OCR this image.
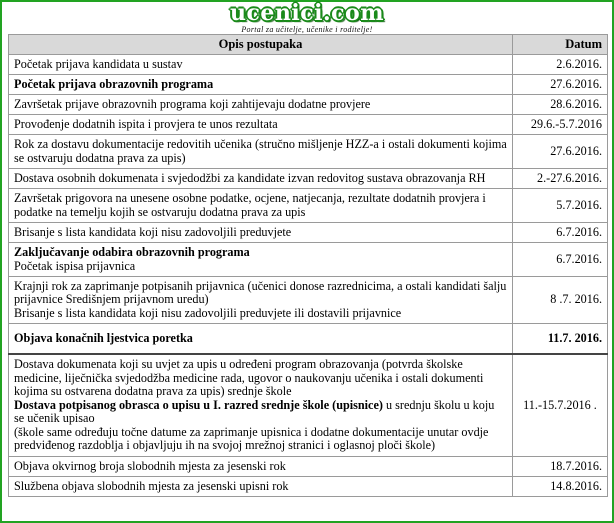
ucenici.com
Portal za učitelje, učenike i roditelje!
Opis postupaka	Datum

Početak prijava kandidata u sustav	2.6.2016.

Početak prijava obrazovnih programa	27.6.2016.

Završetak prijave obrazovnih programa koji zahtijevaju dodatne provjere	28.6.2016.

Provođenje dodatnih ispita i provjera te unos rezultata	29.6.-5.7.2016

Rok za dostavu dokumentacije redovitih učenika (stručno mišljenje HZZ-a i ostali dokumenti kojima se ostvaruju dodatna prava za upis)	27.6.2016.

Dostava osobnih dokumenata i svjedodžbi za kandidate izvan redovitog sustava obrazovanja RH	2.-27.6.2016.

Završetak prigovora na unesene osobne podatke, ocjene, natjecanja, rezultate dodatnih provjera i podatke na temelju kojih se ostvaruju dodatna prava za upis	5.7.2016.

Brisanje s lista kandidata koji nisu zadovoljili preduvjete	6.7.2016.

Zaključavanje odabira obrazovnih programa
Početak ispisa prijavnica	6.7.2016.

Krajnji rok za zaprimanje potpisanih prijavnica (učenici donose razrednicima, a ostali kandidati šalju prijavnice Središnjem prijavnom uredu)
Brisanje s lista kandidata koji nisu zadovoljili preduvjete ili dostavili prijavnice	8 .7. 2016.

Objava konačnih ljestvica poretka	11.7. 2016.

Dostava dokumenata koji su uvjet za upis u određeni program obrazovanja (potvrda školske medicine, liječnička svjedodžba medicine rada, ugovor o naukovanju učenika i ostali dokumenti kojima su ostvarena dodatna prava za upis) srednje škole
Dostava potpisanog obrasca o upisu u I. razred srednje škole (upisnice) u srednju školu u koju se učenik upisao
(škole same određuju točne datume za zaprimanje upisnica i dodatne dokumentacije unutar ovdje predviđenog razdoblja i objavljuju ih na svojoj mrežnoj stranici i oglasnoj ploči škole)	11.-15.7.2016 .

Objava okvirnog broja slobodnih mjesta za jesenski rok	18.7.2016.

Službena objava slobodnih mjesta za jesenski upisni rok	14.8.2016.
